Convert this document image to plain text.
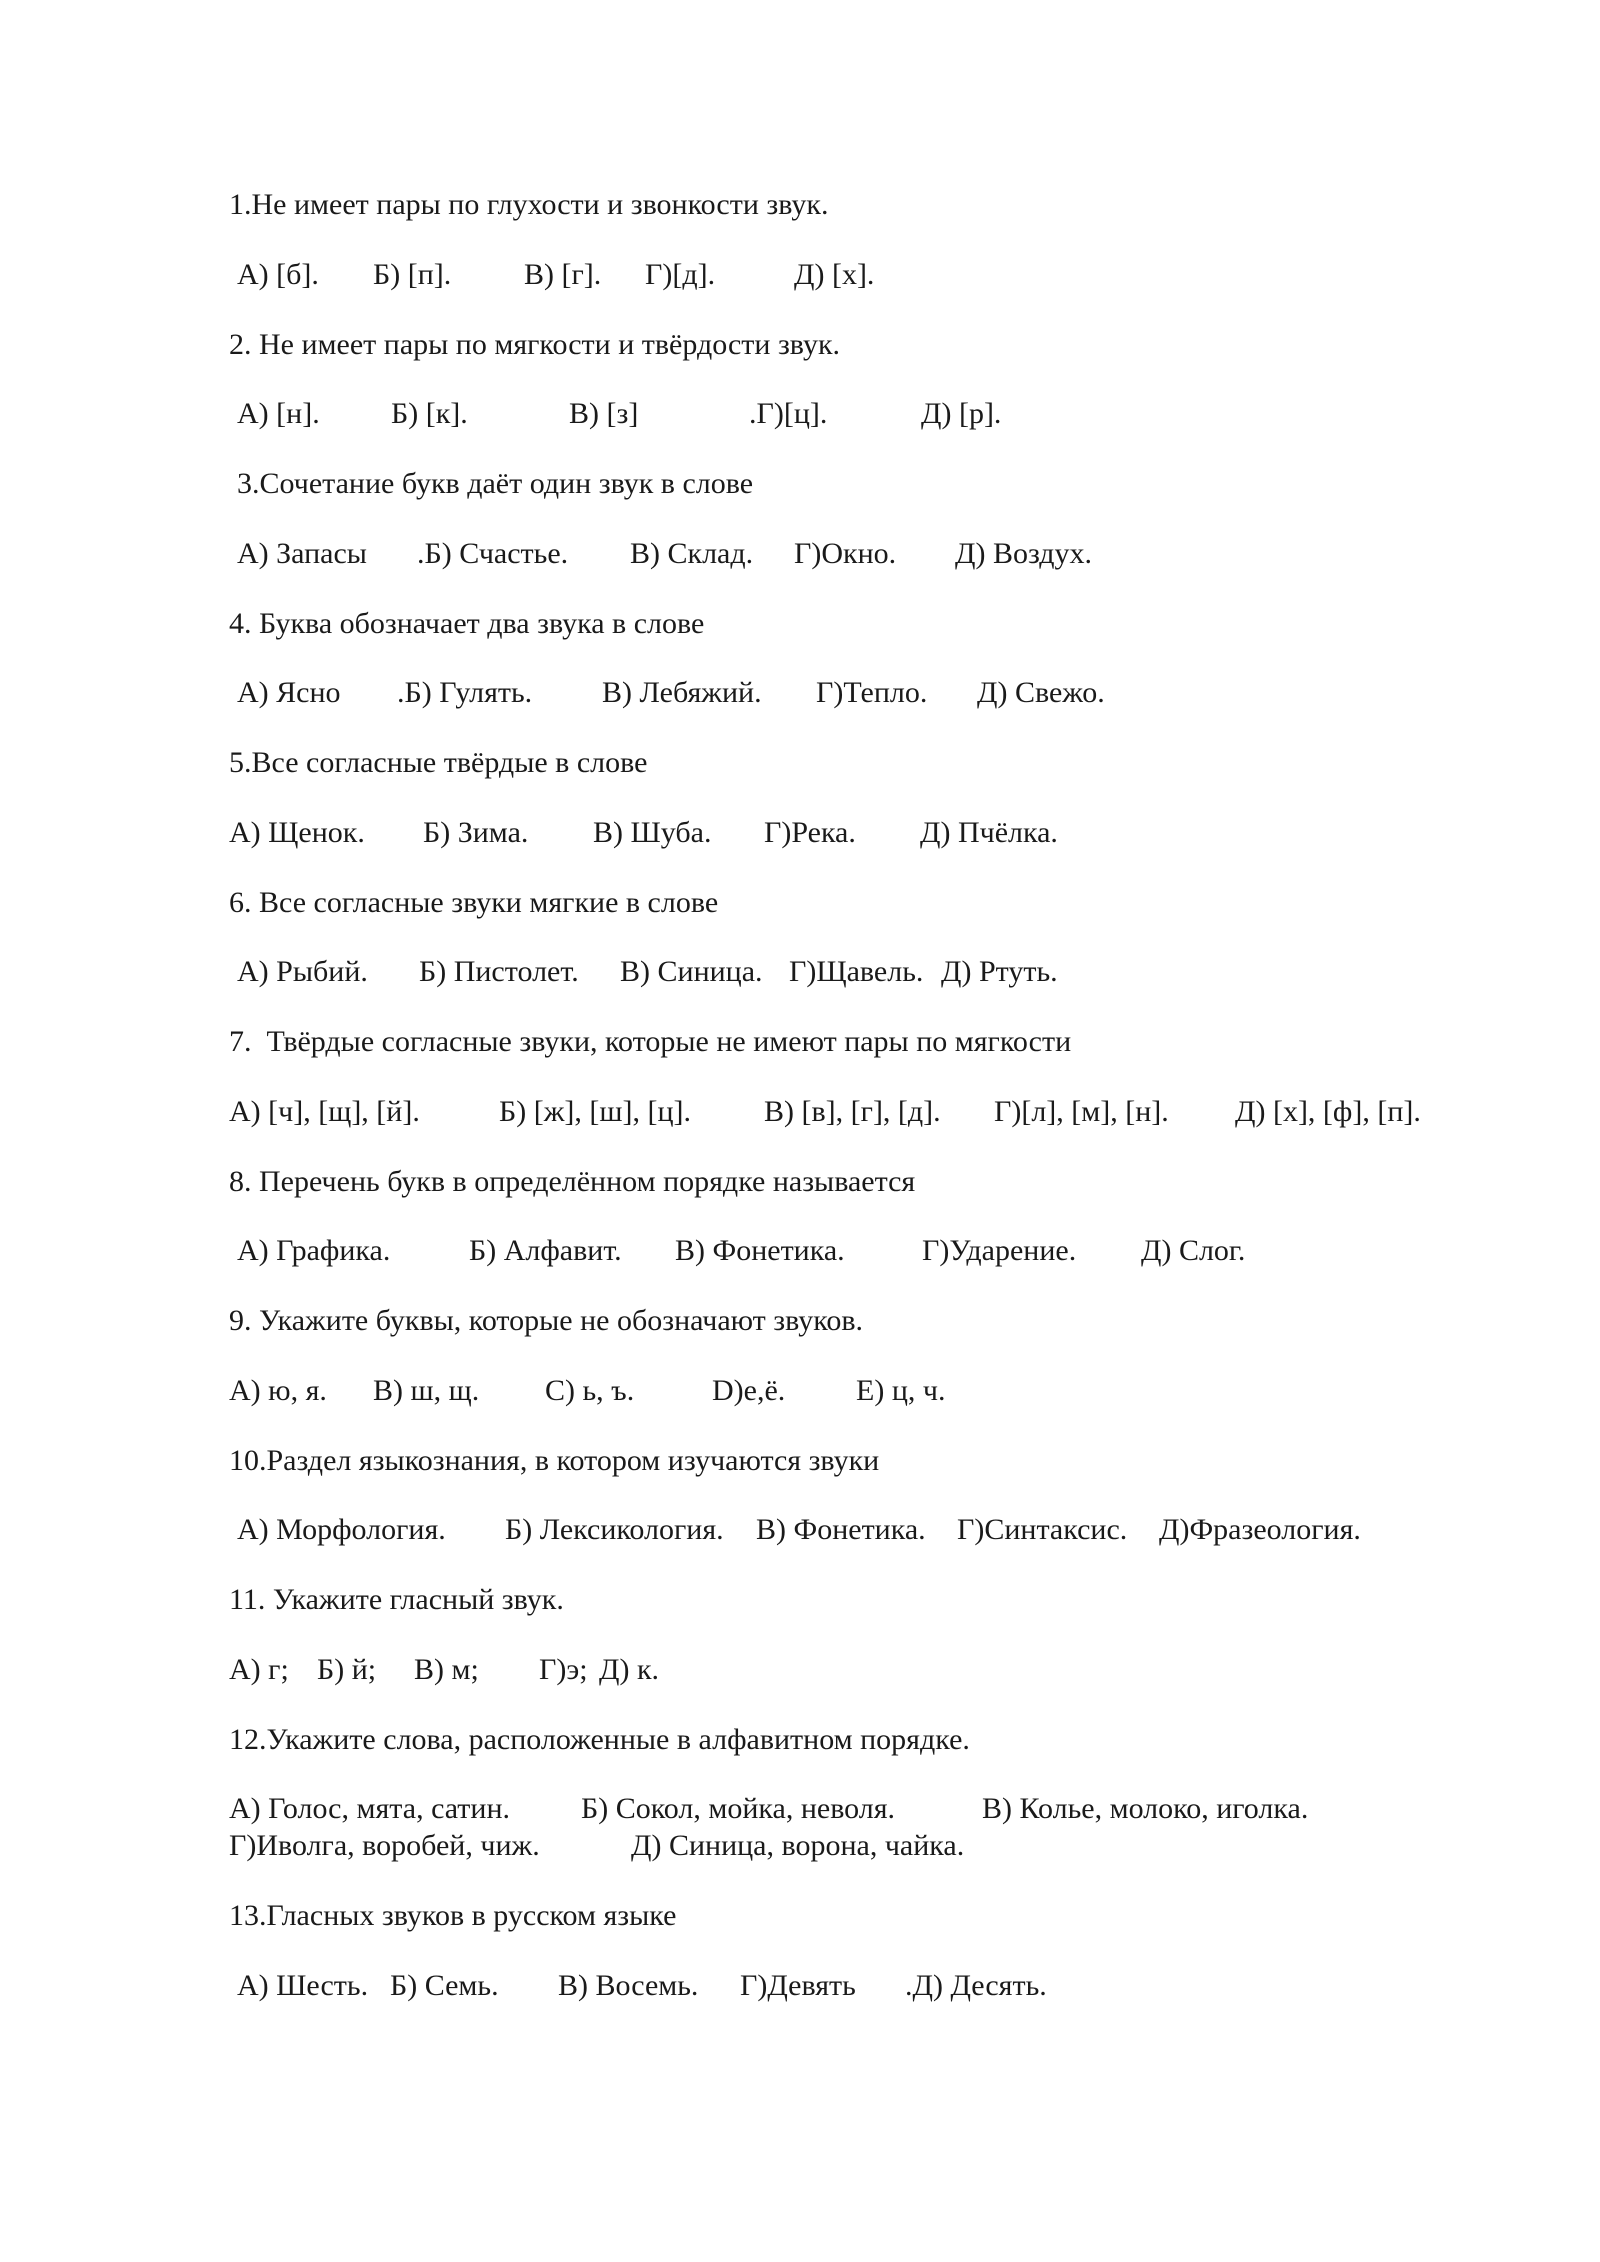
1.Не имеет пары по глухости и звонкости звук.
А) [б]. Б) [п]. В) [г]. Г)[д].	Д) [х].
2. Не имеет пары по мягкости и твёрдости звук.
А) [н]. Б) [к].	В) [з]	.Г)[ц].	Д) [р].
3.Сочетание букв даёт один звук в слове
А) Запасы .Б) Счастье. В) Склад. Г)Окно. Д) Воздух.
4. Буква обозначает два звука в слове
А) Ясно .Б) Гулять. В) Лебяжий. Г)Тепло. Д) Свежо.
5.Все согласные твёрдые в слове
А) Щенок. Б) Зима. В) Шуба. Г)Река. Д) Пчёлка.
6. Все согласные звуки мягкие в слове
А) Рыбий. Б) Пистолет. В) Синица. Г)Щавель. Д) Ртуть.
7.  Твёрдые согласные звуки, которые не имеют пары по мягкости
А) [ч], [щ], [й].	Б) [ж], [ш], [ц]. В) [в], [г], [д]. Г)[л], [м], [н]. Д) [х], [ф], [п].
8. Перечень букв в определённом порядке называется
А) Графика.	Б) Алфавит. В) Фонетика.	Г)Ударение. Д) Слог.
9. Укажите буквы, которые не обозначают звуков.
А) ю, я. В) ш, щ. С) ь, ъ.	D)е,ё. Е) ц, ч.
10.Раздел языкознания, в котором изучаются звуки
А) Морфология. Б) Лексикология. В) Фонетика. Г)Синтаксис. Д)Фразеология.
11. Укажите гласный звук.
А) г; Б) й; В) м; Г)э; Д) к.
12.Укажите слова, расположенные в алфавитном порядке.
А) Голос, мята, сатин. Б) Сокол, мойка, неволя.	В) Колье, молоко, иголка.
Г)Иволга, воробей, чиж.	Д) Синица, ворона, чайка.
13.Гласных звуков в русском языке
А) Шесть. Б) Семь. В) Восемь. Г)Девять .Д) Десять.
